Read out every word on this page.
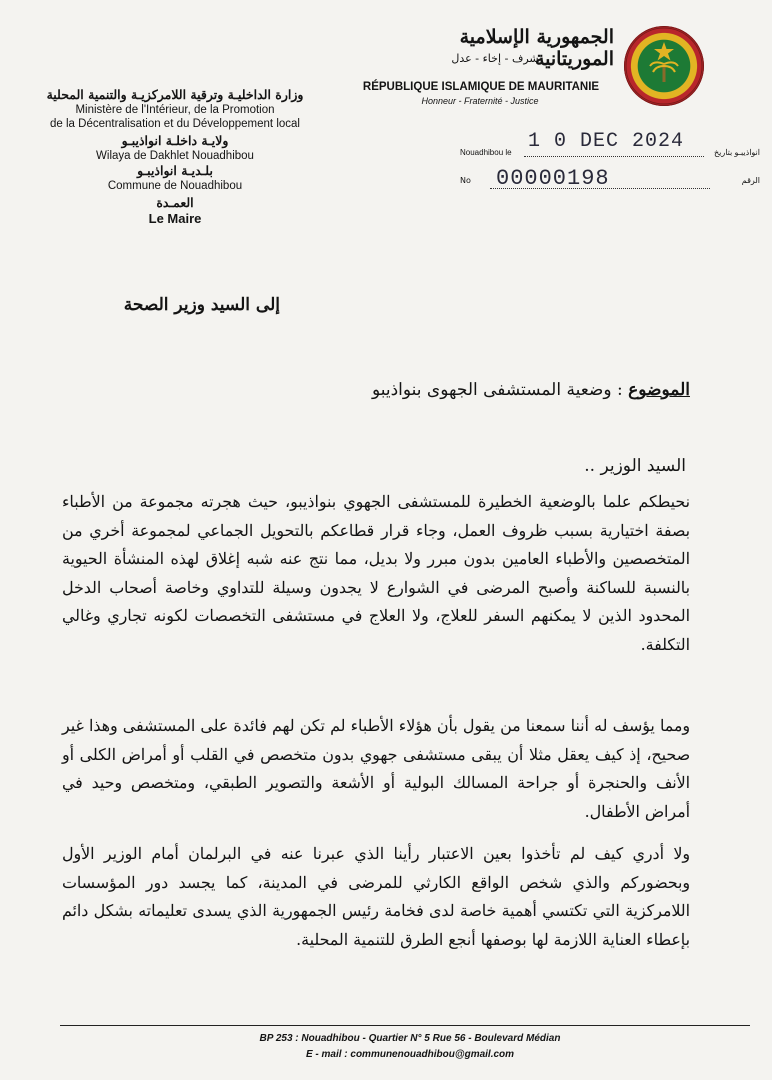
الجمهورية الإسلامية الموريتانية
شرف - إخاء - عدل
RÉPUBLIQUE ISLAMIQUE DE MAURITANIE
Honneur - Fraternité - Justice
وزارة الداخليـة وترقية اللامركزيـة والتنمية المحلية
Ministère de l'Intérieur, de la Promotion
de la Décentralisation et du Développement local
ولايـة داخلـة انواذيبـو
Wilaya de Dakhlet Nouadhibou
بلـديـة انواذيبـو
Commune de Nouadhibou
العمـدة
Le Maire
Nouadhibou le 1 0 DEC 2024	انواذيبـو بتاريخ
No 00000198	الرقم
إلى السيد وزير الصحة
الموضوع : وضعية المستشفى الجهوى بنواذيبو
السيد الوزير ..
نحيطكم علما بالوضعية الخطيرة للمستشفى الجهوي بنواذيبو، حيث هجرته مجموعة من الأطباء بصفة اختيارية بسبب ظروف العمل، وجاء قرار قطاعكم بالتحويل الجماعي لمجموعة أخري من المتخصصين والأطباء العامين بدون مبرر ولا بديل، مما نتج عنه شبه إغلاق لهذه المنشأة الحيوية بالنسبة للساكنة وأصبح المرضى في الشوارع لا يجدون وسيلة للتداوي وخاصة أصحاب الدخل المحدود الذين لا يمكنهم السفر للعلاج، ولا العلاج في مستشفى التخصصات لكونه تجاري وغالي التكلفة.
ومما يؤسف له أننا سمعنا من يقول بأن هؤلاء الأطباء لم تكن لهم فائدة على المستشفى وهذا غير صحيح، إذ كيف يعقل مثلا أن يبقى مستشفى جهوي بدون متخصص في القلب أو أمراض الكلى أو الأنف والحنجرة أو جراحة المسالك البولية أو الأشعة والتصوير الطبقي، ومتخصص وحيد في أمراض الأطفال.
ولا أدري كيف لم تأخذوا بعين الاعتبار رأينا الذي عبرنا عنه في البرلمان أمام الوزير الأول وبحضوركم والذي شخص الواقع الكارثي للمرضى في المدينة، كما يجسد دور المؤسسات اللامركزية التي تكتسي أهمية خاصة لدى فخامة رئيس الجمهورية الذي يسدى تعليماته بشكل دائم بإعطاء العناية اللازمة لها بوصفها أنجع الطرق للتنمية المحلية.
BP 253 : Nouadhibou - Quartier N° 5 Rue 56 - Boulevard Médian
E - mail : communenouadhibou@gmail.com
